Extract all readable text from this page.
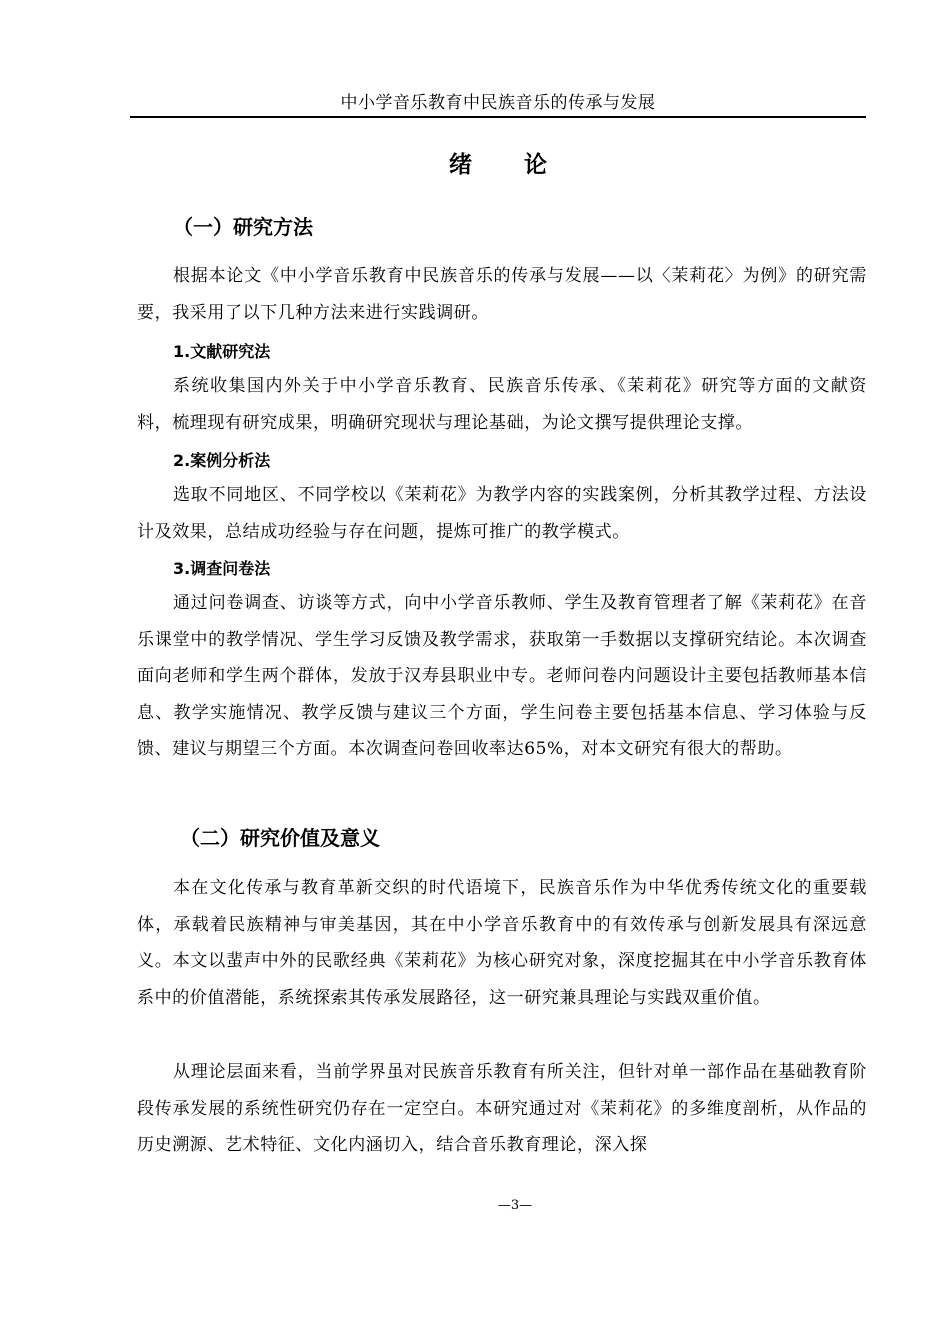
中小学音乐教育中民族音乐的传承与发展
绪 论
（一）研究方法

根据本论文《中小学音乐教育中民族音乐的传承与发展——以〈茉莉花〉为例》的研究需要，我采用了以下几种方法来进行实践调研。

1.文献研究法

系统收集国内外关于中小学音乐教育、民族音乐传承、《茉莉花》研究等方面的文献资料，梳理现有研究成果，明确研究现状与理论基础，为论文撰写提供理论支撑。

2.案例分析法

选取不同地区、不同学校以《茉莉花》为教学内容的实践案例，分析其教学过程、方法设计及效果，总结成功经验与存在问题，提炼可推广的教学模式。

3.调查问卷法

通过问卷调查、访谈等方式，向中小学音乐教师、学生及教育管理者了解《茉莉花》在音乐课堂中的教学情况、学生学习反馈及教学需求，获取第一手数据以支撑研究结论。本次调查面向老师和学生两个群体，发放于汉寿县职业中专。老师问卷内问题设计主要包括教师基本信息、教学实施情况、教学反馈与建议三个方面，学生问卷主要包括基本信息、学习体验与反馈、建议与期望三个方面。本次调查问卷回收率达65%，对本文研究有很大的帮助。

（二）研究价值及意义

本在文化传承与教育革新交织的时代语境下，民族音乐作为中华优秀传统文化的重要载体，承载着民族精神与审美基因，其在中小学音乐教育中的有效传承与创新发展具有深远意义。本文以蜚声中外的民歌经典《茉莉花》为核心研究对象，深度挖掘其在中小学音乐教育体系中的价值潜能，系统探索其传承发展路径，这一研究兼具理论与实践双重价值。

从理论层面来看，当前学界虽对民族音乐教育有所关注，但针对单一部作品在基础教育阶段传承发展的系统性研究仍存在一定空白。本研究通过对《茉莉花》的多维度剖析，从作品的历史溯源、艺术特征、文化内涵切入，结合音乐教育理论，深入探

—3—
